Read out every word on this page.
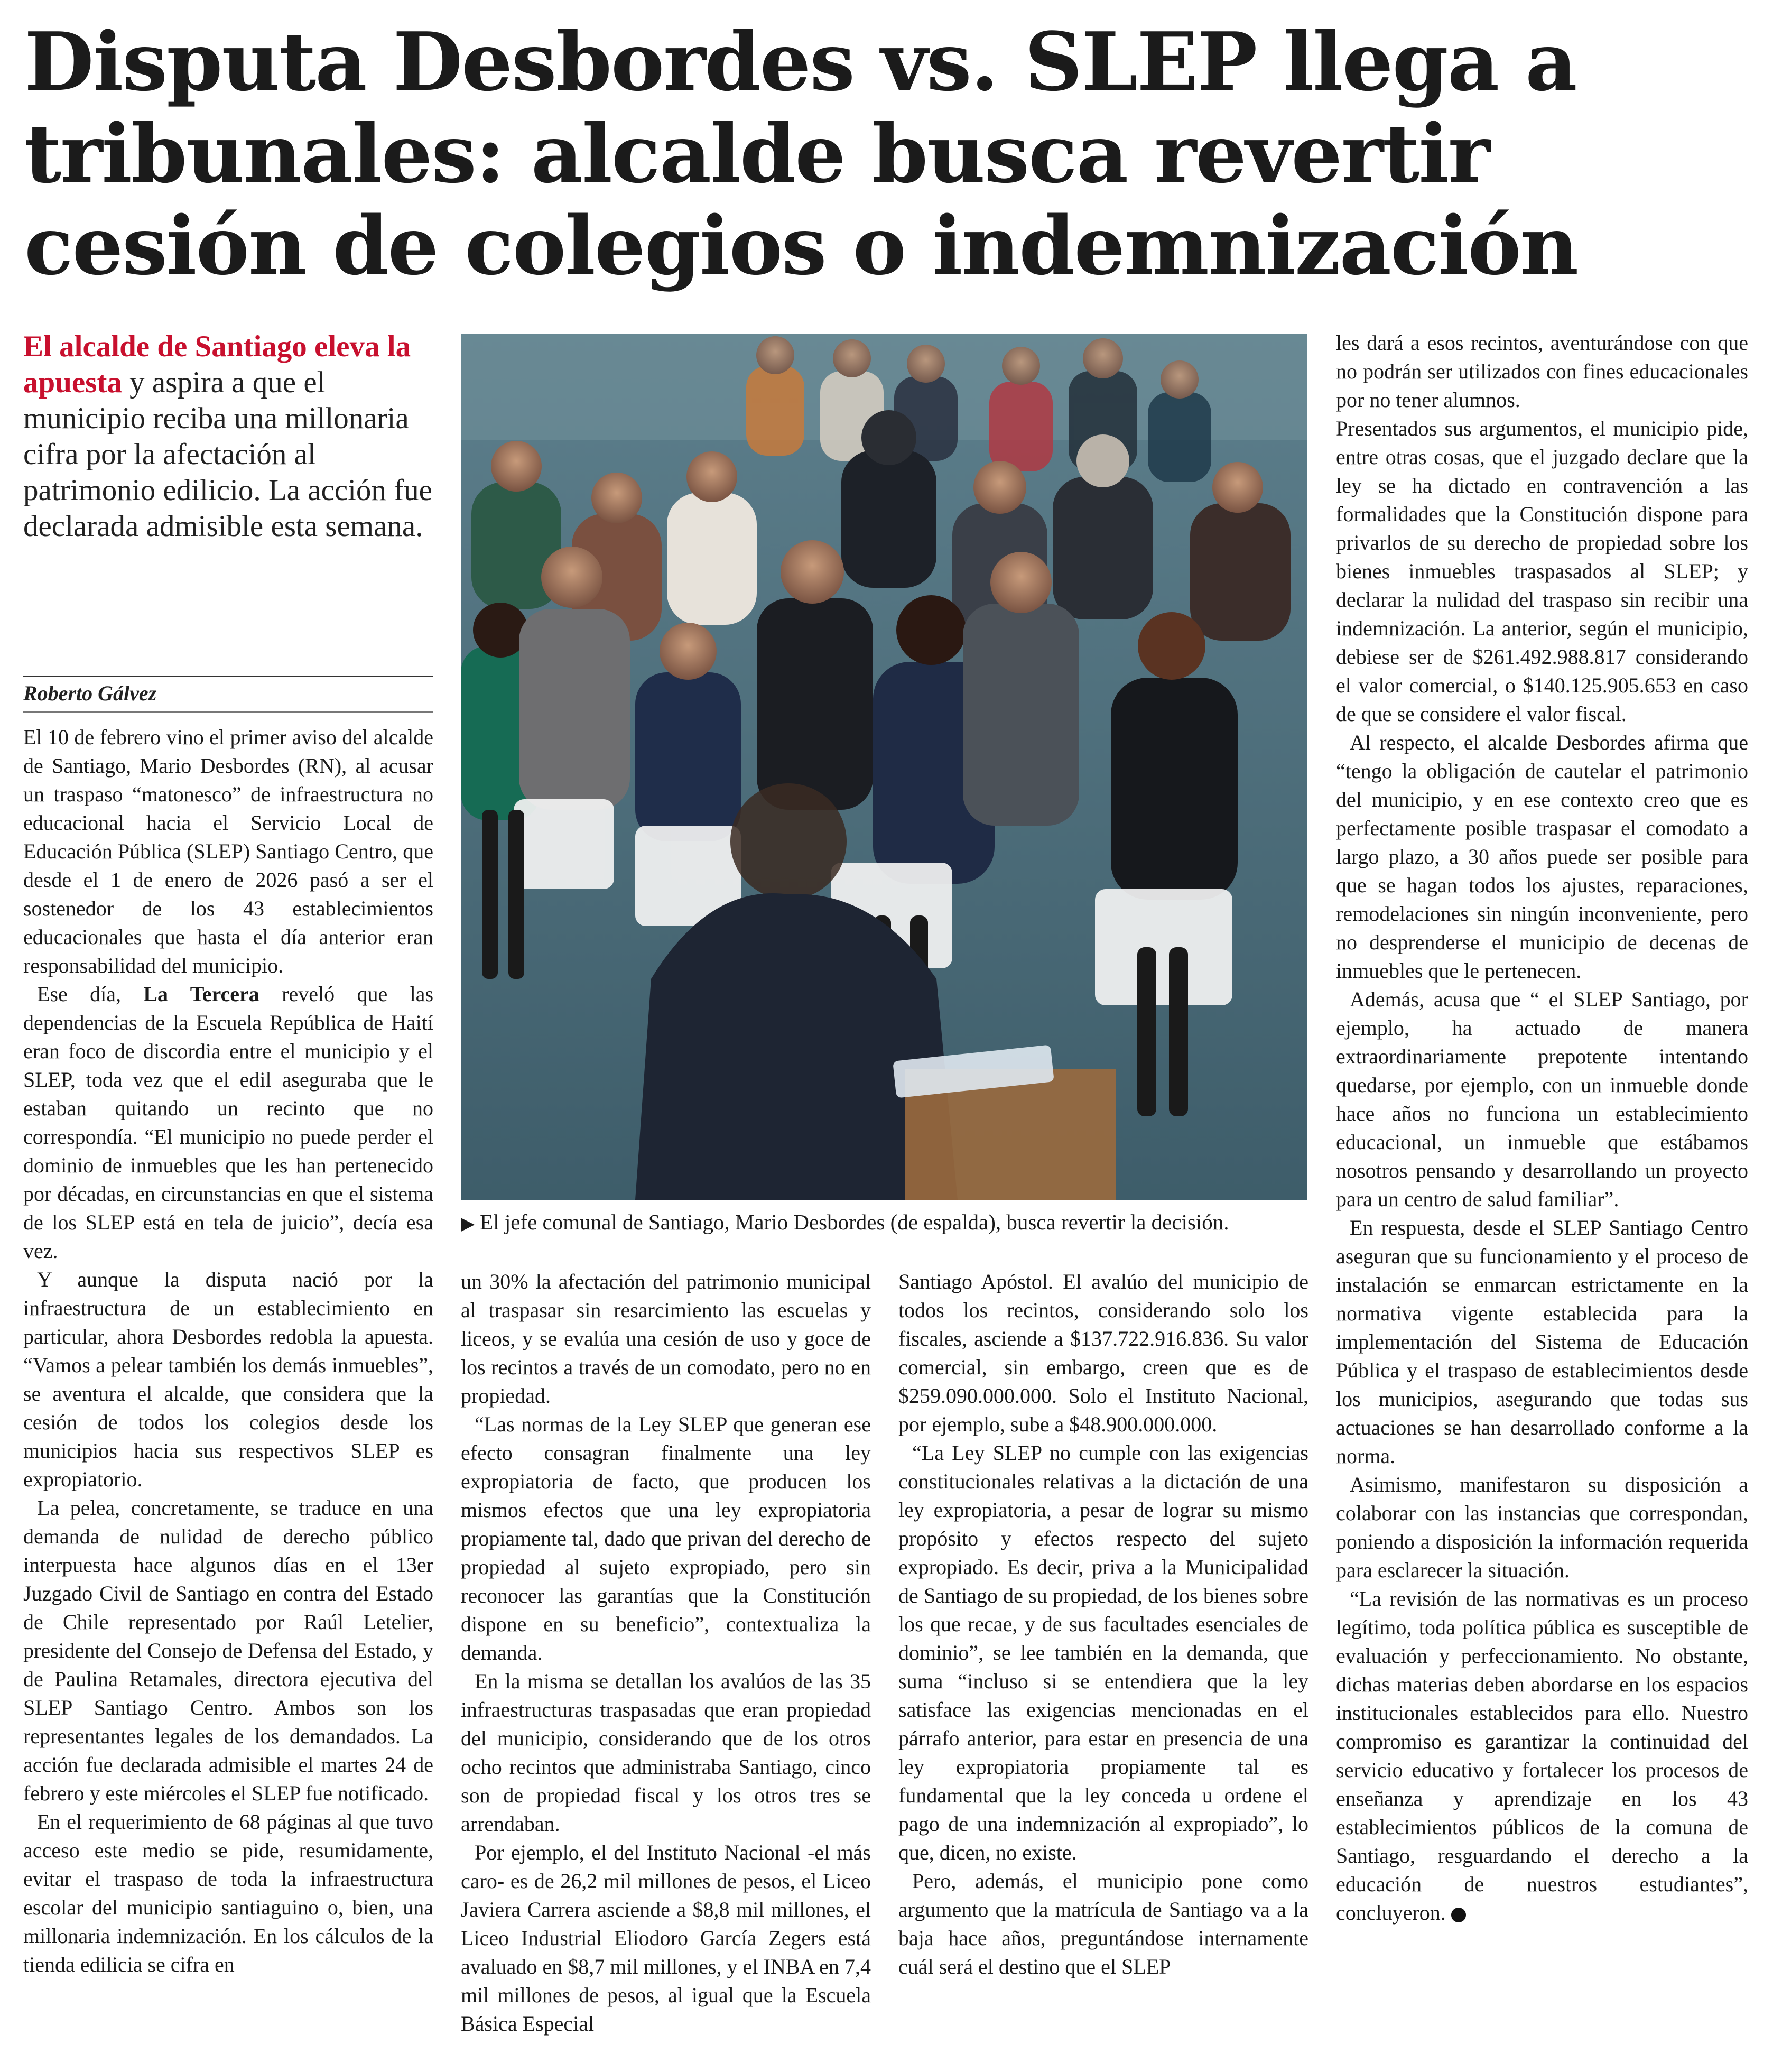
Disputa Desbordes vs. SLEP llega a
tribunales: alcalde busca revertir
cesión de colegios o indemnización
El alcalde de Santiago eleva la apuesta y aspira a que el municipio reciba una millonaria cifra por la afectación al patrimonio edilicio. La acción fue declarada admisible esta semana.
Roberto Gálvez

El 10 de febrero vino el primer aviso del alcalde de Santiago, Mario Desbordes (RN), al acusar un traspaso “matonesco” de infraestructura no educacional hacia el Servicio Local de Educación Pública (SLEP) Santiago Centro, que desde el 1 de enero de 2026 pasó a ser el sostenedor de los 43 establecimientos educacionales que hasta el día anterior eran responsabilidad del municipio.

Ese día, La Tercera reveló que las dependencias de la Escuela República de Haití eran foco de discordia entre el municipio y el SLEP, toda vez que el edil aseguraba que le estaban quitando un recinto que no correspondía. “El municipio no puede perder el dominio de inmuebles que les han pertenecido por décadas, en circunstancias en que el sistema de los SLEP está en tela de juicio”, decía esa vez.

Y aunque la disputa nació por la infraestructura de un establecimiento en particular, ahora Desbordes redobla la apuesta. “Vamos a pelear también los demás inmuebles”, se aventura el alcalde, que considera que la cesión de todos los colegios desde los municipios hacia sus respectivos SLEP es expropiatorio.

La pelea, concretamente, se traduce en una demanda de nulidad de derecho público interpuesta hace algunos días en el 13er Juzgado Civil de Santiago en contra del Estado de Chile representado por Raúl Letelier, presidente del Consejo de Defensa del Estado, y de Paulina Retamales, directora ejecutiva del SLEP Santiago Centro. Ambos son los representantes legales de los demandados. La acción fue declarada admisible el martes 24 de febrero y este miércoles el SLEP fue notificado.

En el requerimiento de 68 páginas al que tuvo acceso este medio se pide, resumidamente, evitar el traspaso de toda la infraestructura escolar del municipio santiaguino o, bien, una millonaria indemnización. En los cálculos de la tienda edilicia se cifra en

▶ El jefe comunal de Santiago, Mario Desbordes (de espalda), busca revertir la decisión.

un 30% la afectación del patrimonio municipal al traspasar sin resarcimiento las escuelas y liceos, y se evalúa una cesión de uso y goce de los recintos a través de un comodato, pero no en propiedad.

“Las normas de la Ley SLEP que generan ese efecto consagran finalmente una ley expropiatoria de facto, que producen los mismos efectos que una ley expropiatoria propiamente tal, dado que privan del derecho de propiedad al sujeto expropiado, pero sin reconocer las garantías que la Constitución dispone en su beneficio”, contextualiza la demanda.

En la misma se detallan los avalúos de las 35 infraestructuras traspasadas que eran propiedad del municipio, considerando que de los otros ocho recintos que administraba Santiago, cinco son de propiedad fiscal y los otros tres se arrendaban.

Por ejemplo, el del Instituto Nacional -el más caro- es de 26,2 mil millones de pesos, el Liceo Javiera Carrera asciende a $8,8 mil millones, el Liceo Industrial Eliodoro García Zegers está avaluado en $8,7 mil millones, y el INBA en 7,4 mil millones de pesos, al igual que la Escuela Básica Especial

Santiago Apóstol. El avalúo del municipio de todos los recintos, considerando solo los fiscales, asciende a $137.722.916.836. Su valor comercial, sin embargo, creen que es de $259.090.000.000. Solo el Instituto Nacional, por ejemplo, sube a $48.900.000.000.

“La Ley SLEP no cumple con las exigencias constitucionales relativas a la dictación de una ley expropiatoria, a pesar de lograr su mismo propósito y efectos respecto del sujeto expropiado. Es decir, priva a la Municipalidad de Santiago de su propiedad, de los bienes sobre los que recae, y de sus facultades esenciales de dominio”, se lee también en la demanda, que suma “incluso si se entendiera que la ley satisface las exigencias mencionadas en el párrafo anterior, para estar en presencia de una ley expropiatoria propiamente tal es fundamental que la ley conceda u ordene el pago de una indemnización al expropiado”, lo que, dicen, no existe.

Pero, además, el municipio pone como argumento que la matrícula de Santiago va a la baja hace años, preguntándose internamente cuál será el destino que el SLEP

les dará a esos recintos, aventurándose con que no podrán ser utilizados con fines educacionales por no tener alumnos.

Presentados sus argumentos, el municipio pide, entre otras cosas, que el juzgado declare que la ley se ha dictado en contravención a las formalidades que la Constitución dispone para privarlos de su derecho de propiedad sobre los bienes inmuebles traspasados al SLEP; y declarar la nulidad del traspaso sin recibir una indemnización. La anterior, según el municipio, debiese ser de $261.492.988.817 considerando el valor comercial, o $140.125.905.653 en caso de que se considere el valor fiscal.

Al respecto, el alcalde Desbordes afirma que “tengo la obligación de cautelar el patrimonio del municipio, y en ese contexto creo que es perfectamente posible traspasar el comodato a largo plazo, a 30 años puede ser posible para que se hagan todos los ajustes, reparaciones, remodelaciones sin ningún inconveniente, pero no desprenderse el municipio de decenas de inmuebles que le pertenecen.

Además, acusa que “ el SLEP Santiago, por ejemplo, ha actuado de manera extraordinariamente prepotente intentando quedarse, por ejemplo, con un inmueble donde hace años no funciona un establecimiento educacional, un inmueble que estábamos nosotros pensando y desarrollando un proyecto para un centro de salud familiar”.

En respuesta, desde el SLEP Santiago Centro aseguran que su funcionamiento y el proceso de instalación se enmarcan estrictamente en la normativa vigente establecida para la implementación del Sistema de Educación Pública y el traspaso de establecimientos desde los municipios, asegurando que todas sus actuaciones se han desarrollado conforme a la norma.

Asimismo, manifestaron su disposición a colaborar con las instancias que correspondan, poniendo a disposición la información requerida para esclarecer la situación.

“La revisión de las normativas es un proceso legítimo, toda política pública es susceptible de evaluación y perfeccionamiento. No obstante, dichas materias deben abordarse en los espacios institucionales establecidos para ello. Nuestro compromiso es garantizar la continuidad del servicio educativo y fortalecer los procesos de enseñanza y aprendizaje en los 43 establecimientos públicos de la comuna de Santiago, resguardando el derecho a la educación de nuestros estudiantes”, concluyeron.
